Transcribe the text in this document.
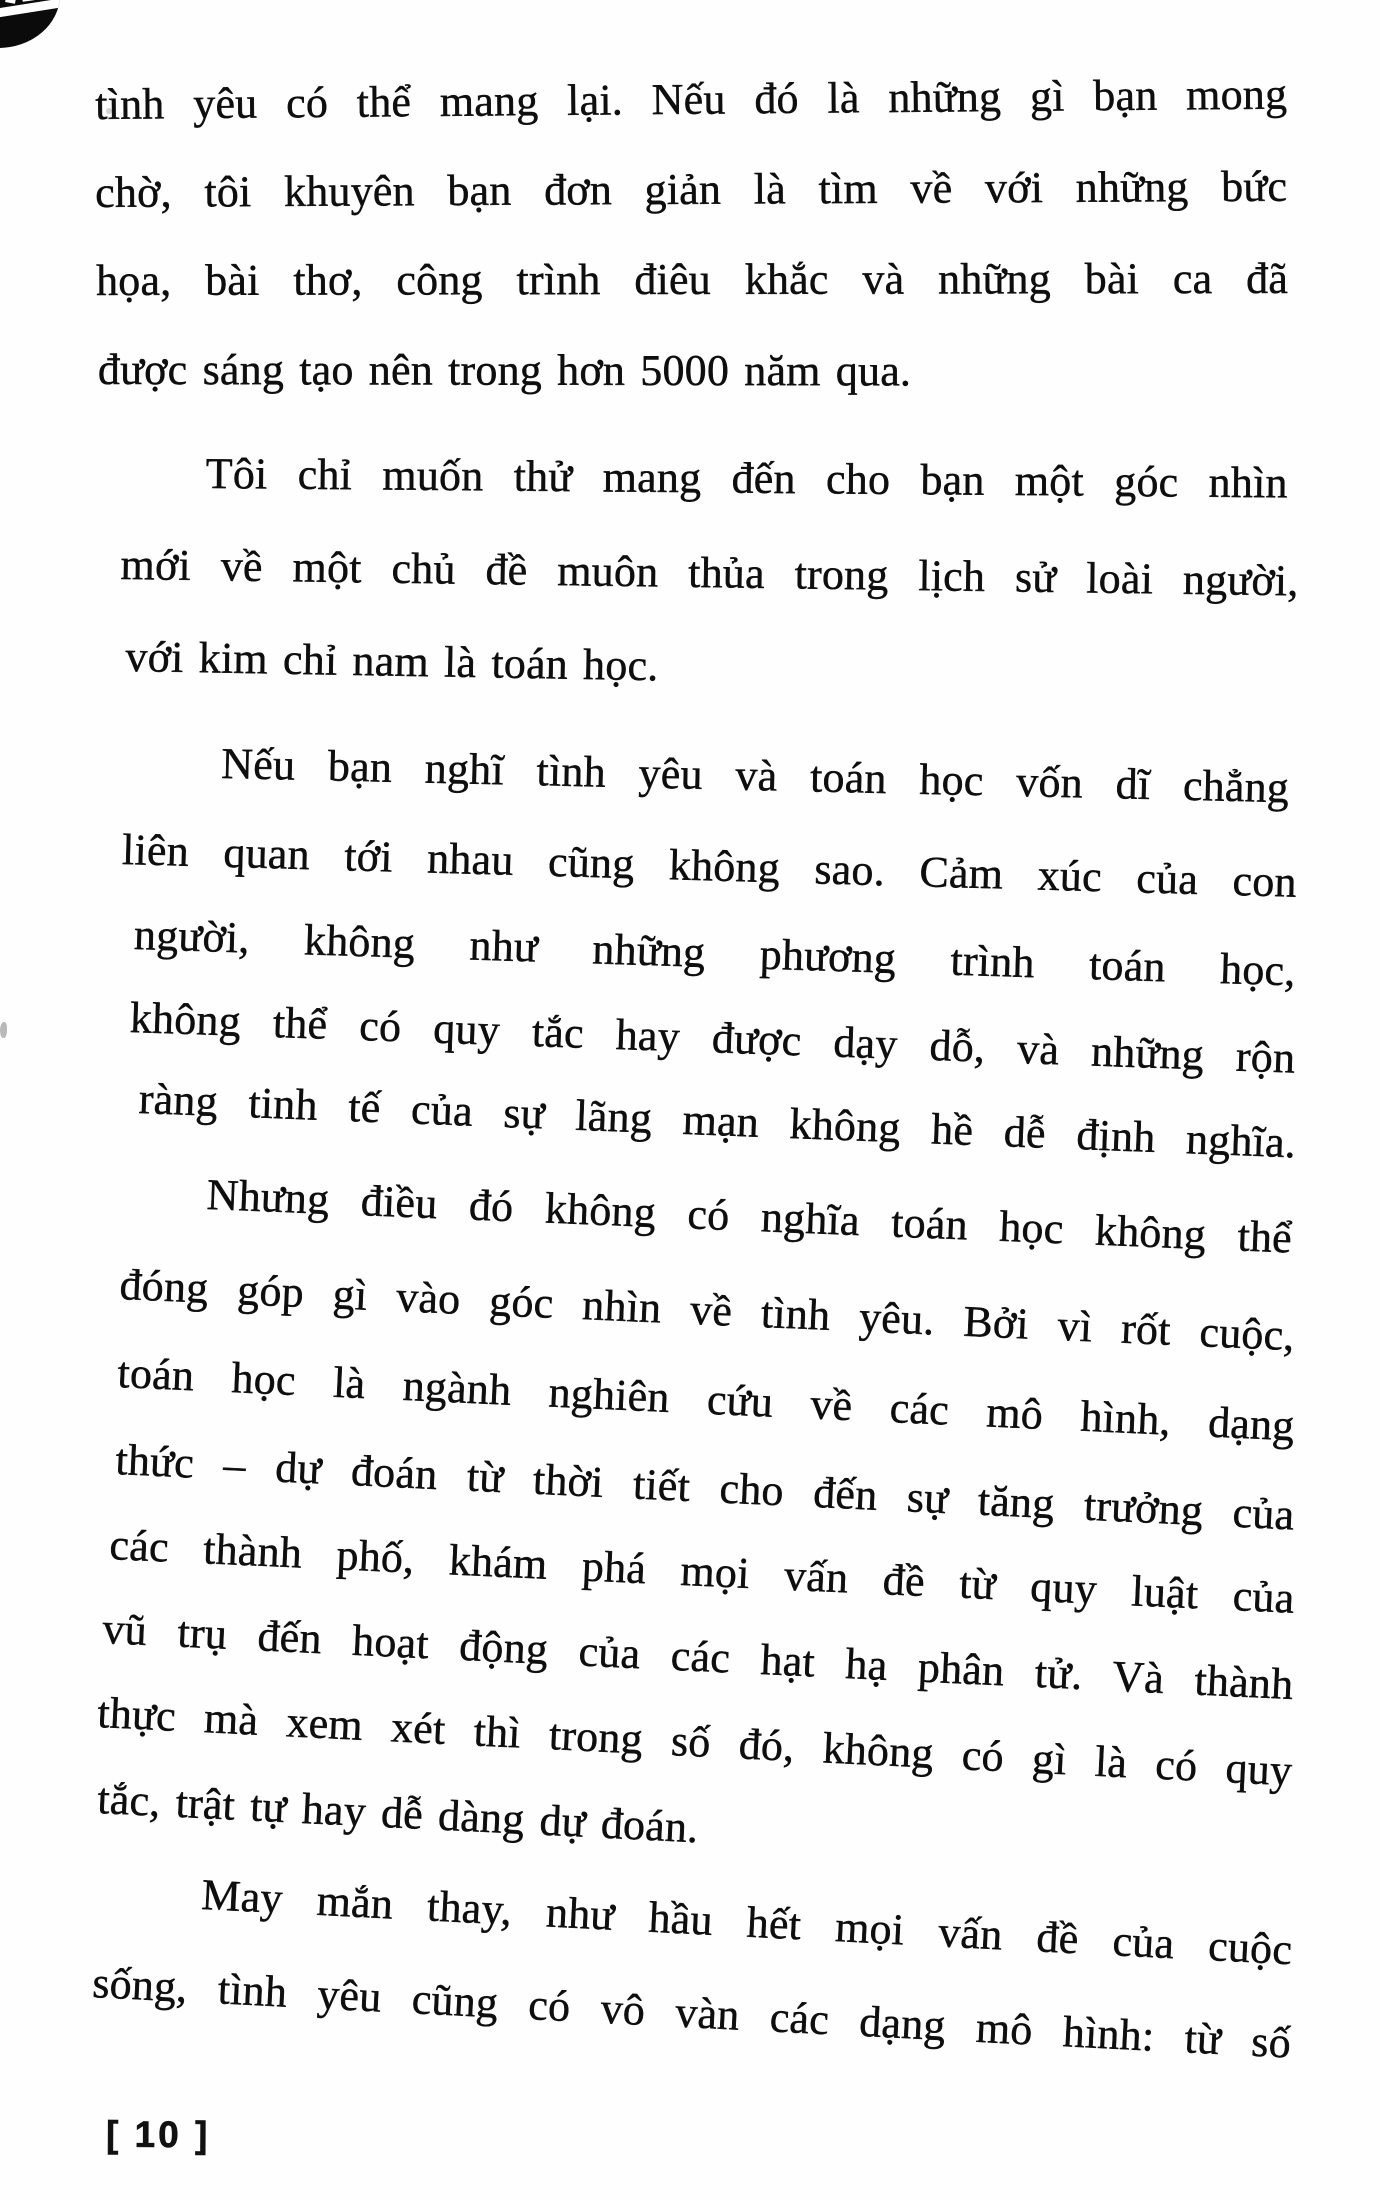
tình yêu có thể mang lại. Nếu đó là những gì bạn mong
chờ, tôi khuyên bạn đơn giản là tìm về với những bức
họa, bài thơ, công trình điêu khắc và những bài ca đã
được sáng tạo nên trong hơn 5000 năm qua.
Tôi chỉ muốn thử mang đến cho bạn một góc nhìn
mới về một chủ đề muôn thủa trong lịch sử loài người,
với kim chỉ nam là toán học.
Nếu bạn nghĩ tình yêu và toán học vốn dĩ chẳng
liên quan tới nhau cũng không sao. Cảm xúc của con
người, không như những phương trình toán học,
không thể có quy tắc hay được dạy dỗ, và những rộn
ràng tinh tế của sự lãng mạn không hề dễ định nghĩa.
Nhưng điều đó không có nghĩa toán học không thể
đóng góp gì vào góc nhìn về tình yêu. Bởi vì rốt cuộc,
toán học là ngành nghiên cứu về các mô hình, dạng
thức – dự đoán từ thời tiết cho đến sự tăng trưởng của
các thành phố, khám phá mọi vấn đề từ quy luật của
vũ trụ đến hoạt động của các hạt hạ phân tử. Và thành
thực mà xem xét thì trong số đó, không có gì là có quy
tắc, trật tự hay dễ dàng dự đoán.
May mắn thay, như hầu hết mọi vấn đề của cuộc
sống, tình yêu cũng có vô vàn các dạng mô hình: từ số
[ 10 ]
